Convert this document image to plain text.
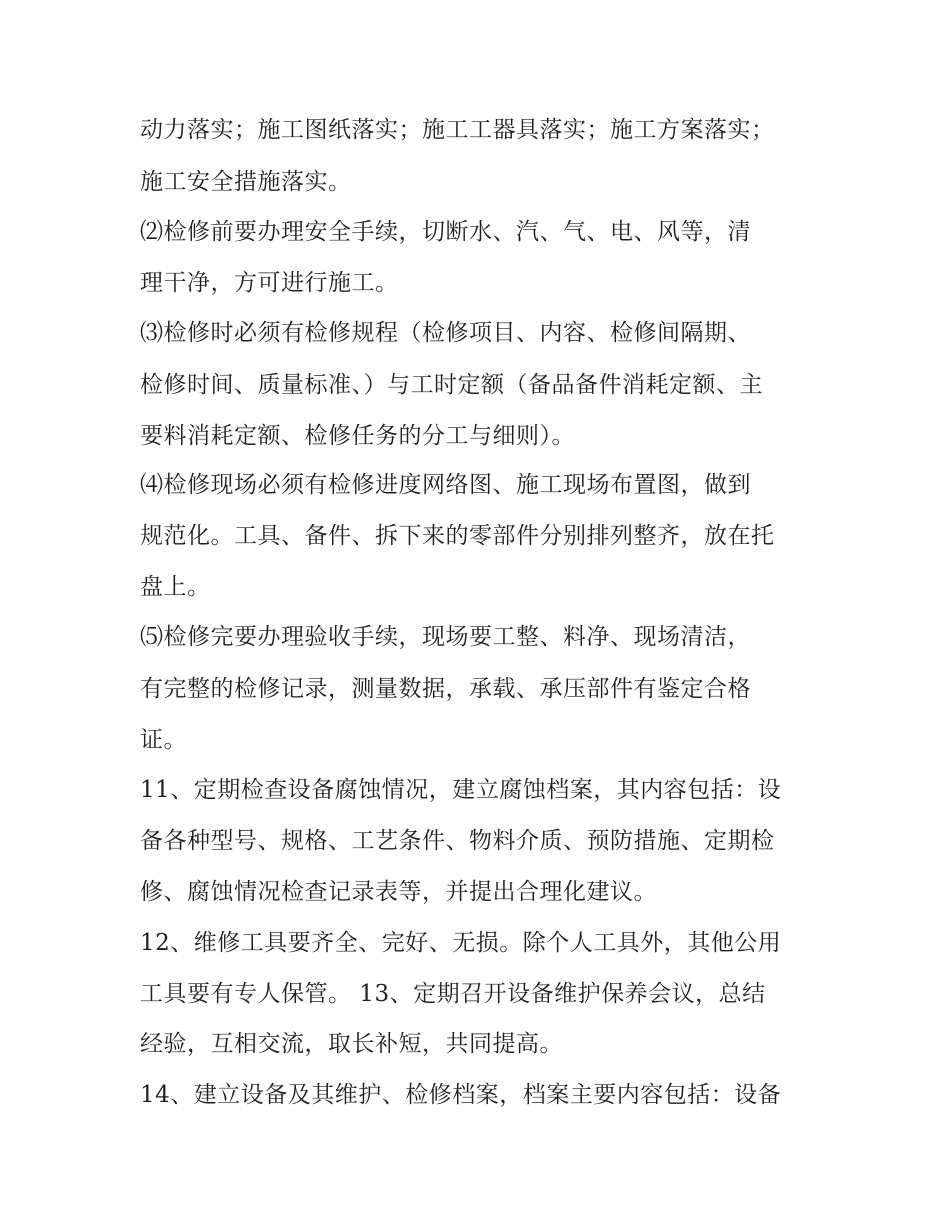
动力落实；施工图纸落实；施工工器具落实；施工方案落实；
施工安全措施落实。
⑵检修前要办理安全手续，切断水、汽、气、电、风等，清
理干净，方可进行施工。
⑶检修时必须有检修规程（检修项目、内容、检修间隔期、
检修时间、质量标准、）与工时定额（备品备件消耗定额、主
要料消耗定额、检修任务的分工与细则）。
⑷检修现场必须有检修进度网络图、施工现场布置图，做到
规范化。工具、备件、拆下来的零部件分别排列整齐，放在托
盘上。
⑸检修完要办理验收手续，现场要工整、料净、现场清洁，
有完整的检修记录，测量数据，承载、承压部件有鉴定合格
证。
11、定期检查设备腐蚀情况，建立腐蚀档案，其内容包括：设
备各种型号、规格、工艺条件、物料介质、预防措施、定期检
修、腐蚀情况检查记录表等，并提出合理化建议。
12、维修工具要齐全、完好、无损。除个人工具外，其他公用
工具要有专人保管。 13、定期召开设备维护保养会议，总结
经验，互相交流，取长补短，共同提高。
14、建立设备及其维护、检修档案，档案主要内容包括：设备
